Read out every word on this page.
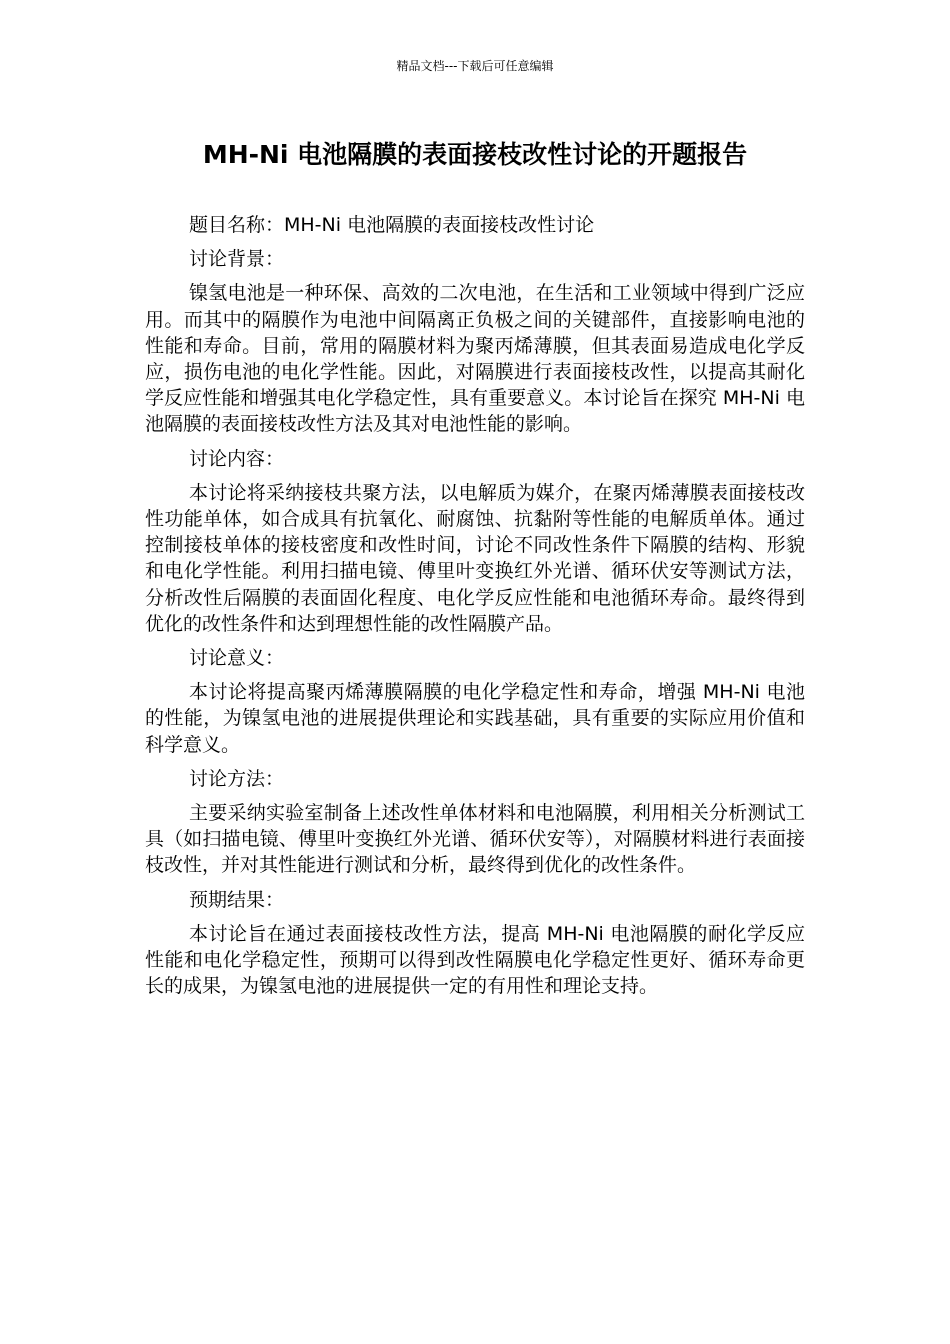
精品文档---下载后可任意编辑
MH-Ni 电池隔膜的表面接枝改性讨论的开题报告

题目名称：MH-Ni 电池隔膜的表面接枝改性讨论

讨论背景：

镍氢电池是一种环保、高效的二次电池，在生活和工业领域中得到广泛应用。而其中的隔膜作为电池中间隔离正负极之间的关键部件，直接影响电池的性能和寿命。目前，常用的隔膜材料为聚丙烯薄膜，但其表面易造成电化学反应，损伤电池的电化学性能。因此，对隔膜进行表面接枝改性，以提高其耐化学反应性能和增强其电化学稳定性，具有重要意义。本讨论旨在探究 MH-Ni 电池隔膜的表面接枝改性方法及其对电池性能的影响。

讨论内容：

本讨论将采纳接枝共聚方法，以电解质为媒介，在聚丙烯薄膜表面接枝改性功能单体，如合成具有抗氧化、耐腐蚀、抗黏附等性能的电解质单体。通过控制接枝单体的接枝密度和改性时间，讨论不同改性条件下隔膜的结构、形貌和电化学性能。利用扫描电镜、傅里叶变换红外光谱、循环伏安等测试方法，分析改性后隔膜的表面固化程度、电化学反应性能和电池循环寿命。最终得到优化的改性条件和达到理想性能的改性隔膜产品。

讨论意义：

本讨论将提高聚丙烯薄膜隔膜的电化学稳定性和寿命，增强 MH-Ni 电池的性能，为镍氢电池的进展提供理论和实践基础，具有重要的实际应用价值和科学意义。

讨论方法：

主要采纳实验室制备上述改性单体材料和电池隔膜，利用相关分析测试工具（如扫描电镜、傅里叶变换红外光谱、循环伏安等），对隔膜材料进行表面接枝改性，并对其性能进行测试和分析，最终得到优化的改性条件。

预期结果：

本讨论旨在通过表面接枝改性方法，提高 MH-Ni 电池隔膜的耐化学反应性能和电化学稳定性，预期可以得到改性隔膜电化学稳定性更好、循环寿命更长的成果，为镍氢电池的进展提供一定的有用性和理论支持。
